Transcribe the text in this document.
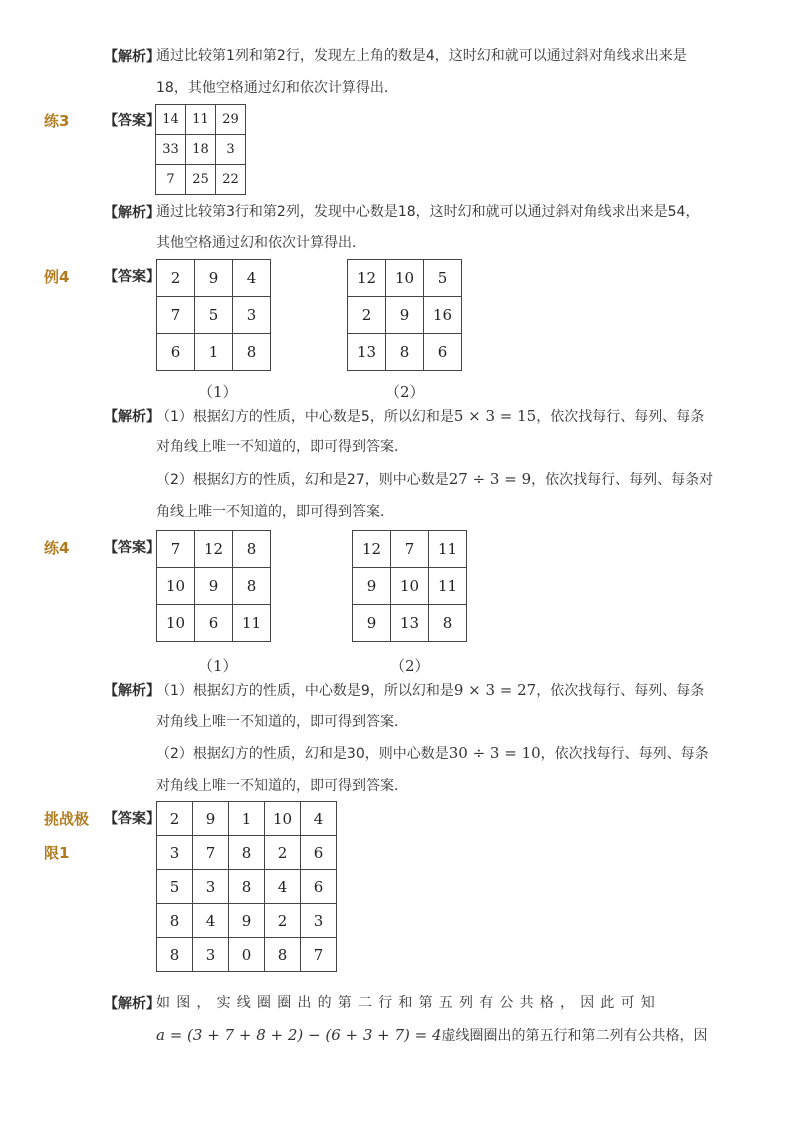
【解析】
通过比较第1列和第2行，发现左上角的数是4，这时幻和就可以通过斜对角线求出来是
18，其他空格通过幻和依次计算得出．
练3 【答案】 14	11	29
33	18	3
7	25	22
【解析】
通过比较第3行和第2列，发现中心数是18，这时幻和就可以通过斜对角线求出来是54，
其他空格通过幻和依次计算得出．
例4 【答案】 2	9	4
7	5	3
6	1	8
12	10	5
2	9	16
13	8	6
（1）	（2）
【解析】
（1）根据幻方的性质，中心数是5，所以幻和是5 × 3 = 15，依次找每行、每列、每条
对角线上唯一不知道的，即可得到答案．
（2）根据幻方的性质，幻和是27，则中心数是27 ÷ 3 = 9，依次找每行、每列、每条对
角线上唯一不知道的，即可得到答案．
练4 【答案】 7	12	8
10	9	8
10	6	11
12	7	11
9	10	11
9	13	8
（1）	（2）
【解析】
（1）根据幻方的性质，中心数是9，所以幻和是9 × 3 = 27，依次找每行、每列、每条
对角线上唯一不知道的，即可得到答案．
（2）根据幻方的性质，幻和是30，则中心数是30 ÷ 3 = 10，依次找每行、每列、每条
对角线上唯一不知道的，即可得到答案．
挑战极
限1
【答案】 2	9	1	10	4
3	7	8	2	6
5	3	8	4	6
8	4	9	2	3
8	3	0	8	7
【解析】
如图，实线圈圈出的第二行和第五列有公共格，因此可知
a = (3 + 7 + 8 + 2) − (6 + 3 + 7) = 4虚线圈圈出的第五行和第二列有公共格，因
